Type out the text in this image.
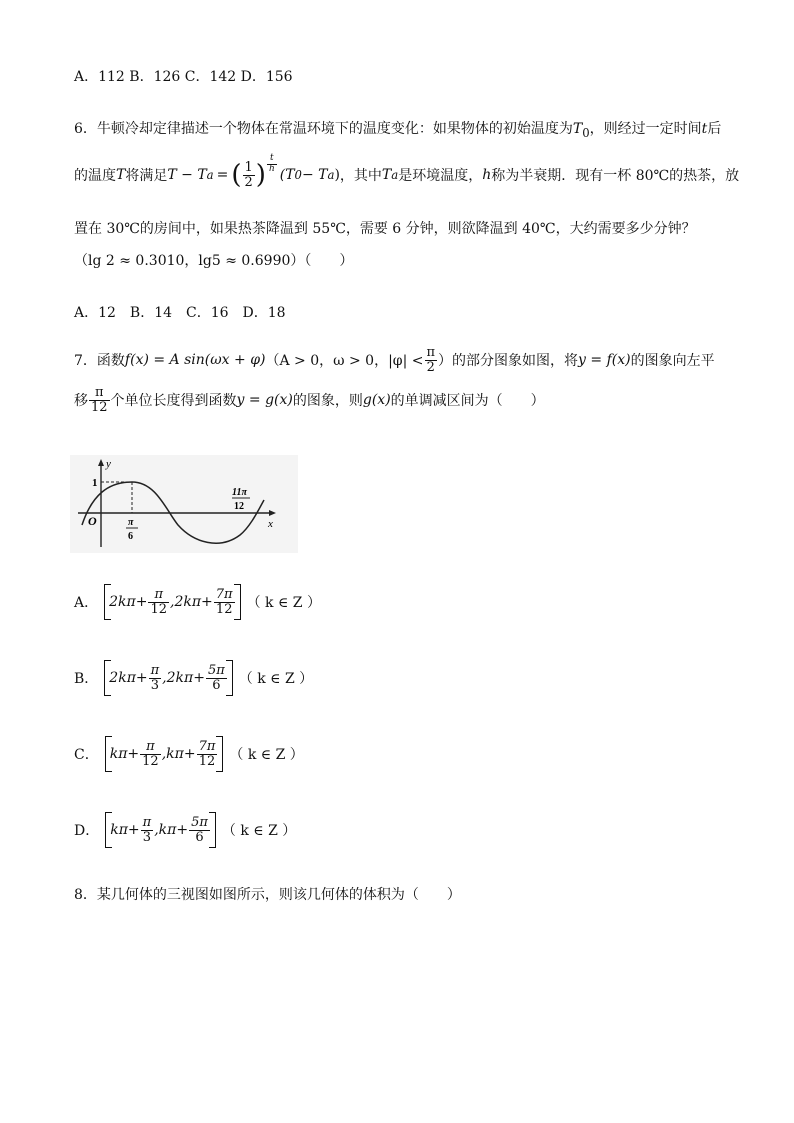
A．112 B．126 C．142 D．156
6．牛顿冷却定律描述一个物体在常温环境下的温度变化：如果物体的初始温度为$T_0$，则经过一定时间t后
的温度 T 将满足 T − T a = ( $\frac{1}{2}$ ) $\frac{t}{h}$
(T 0 − T a ) ，其中 T a 是环境温度， h 称为半衰期．现有一杯 80℃的热茶，放
置在 30℃的房间中，如果热茶降温到 55℃，需要 6 分钟，则欲降温到 40℃，大约需要多少分钟？
（lg 2 ≈ 0.3010，lg5 ≈ 0.6990）（　　）
A．12　B．14　C．16　D．18
7．函数 f(x) = A sin(ωx + φ) （A > 0，ω > 0，$|\varphi| < \frac{\pi}{2}$ ）的部分图象如图，将 y = f(x) 的图象向左平
移 $\frac{\pi}{12}$ 个单位长度得到函数 y = g(x) 的图象，则 g(x) 的单调减区间为（　　）
y
x
1
O	π
6
11π
12
A． $2k\pi+ \frac{\pi}{12} ,2k\pi+ \frac{7\pi}{12}$ （ k ∈ Z ）
B． $2k\pi+ \frac{\pi}{3} ,2k\pi+ \frac{5\pi}{6}$ （ k ∈ Z ）
C． $k\pi+ \frac{\pi}{12} ,k\pi+ \frac{7\pi}{12}$ （ k ∈ Z ）
D． $k\pi+ \frac{\pi}{3} ,k\pi+ \frac{5\pi}{6}$ （ k ∈ Z ）
8．某几何体的三视图如图所示，则该几何体的体积为（　　）
